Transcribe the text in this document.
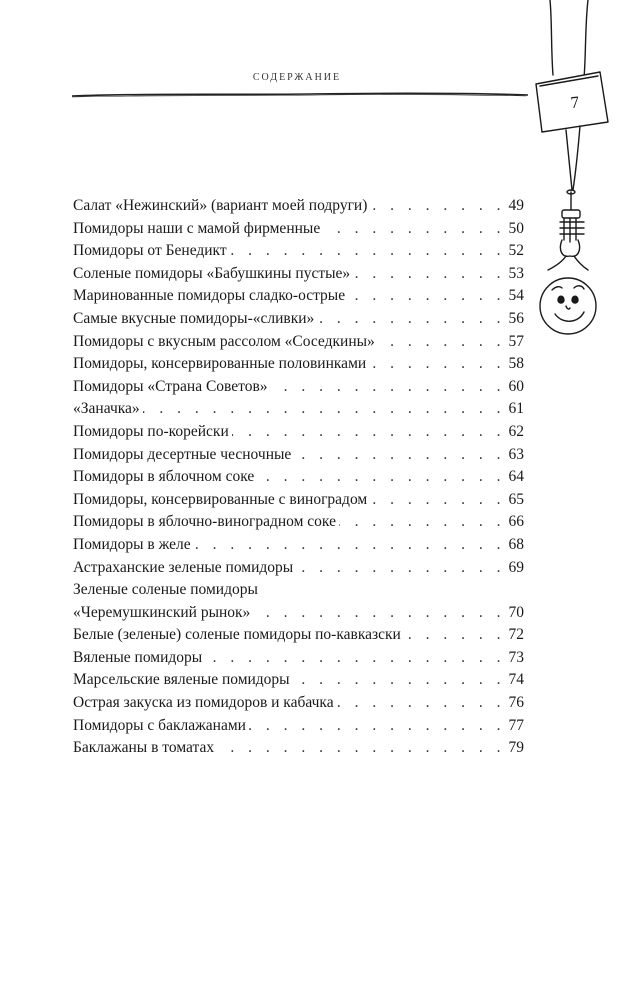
СОДЕРЖАНИЕ
7
Салат «Нежинский» (вариант моей подруги) . . .	49
Помидоры наши с мамой фирменные . . .	50
Помидоры от Бенедикт . . .	52
Соленые помидоры «Бабушкины пустые» . . .	53
Маринованные помидоры сладко-острые . . .	54
Самые вкусные помидоры-«сливки» . . .	56
Помидоры с вкусным рассолом «Соседкины» . . .	57
Помидоры, консервированные половинками . . .	58
Помидоры «Страна Советов» . . .	60
«Заначка» . . .	61
Помидоры по-корейски . . .	62
Помидоры десертные чесночные . . .	63
Помидоры в яблочном соке . . .	64
Помидоры, консервированные с виноградом . . .	65
Помидоры в яблочно-виноградном соке . . .	66
Помидоры в желе . . .	68
Астраханские зеленые помидоры . . .	69
Зеленые соленые помидоры
«Черемушкинский рынок» . . .	70
Белые (зеленые) соленые помидоры по-кавказски . . .	72
Вяленые помидоры . . .	73
Марсельские вяленые помидоры . . .	74
Острая закуска из помидоров и кабачка . . .	76
Помидоры с баклажанами . . .	77
Баклажаны в томатах . . .	79
